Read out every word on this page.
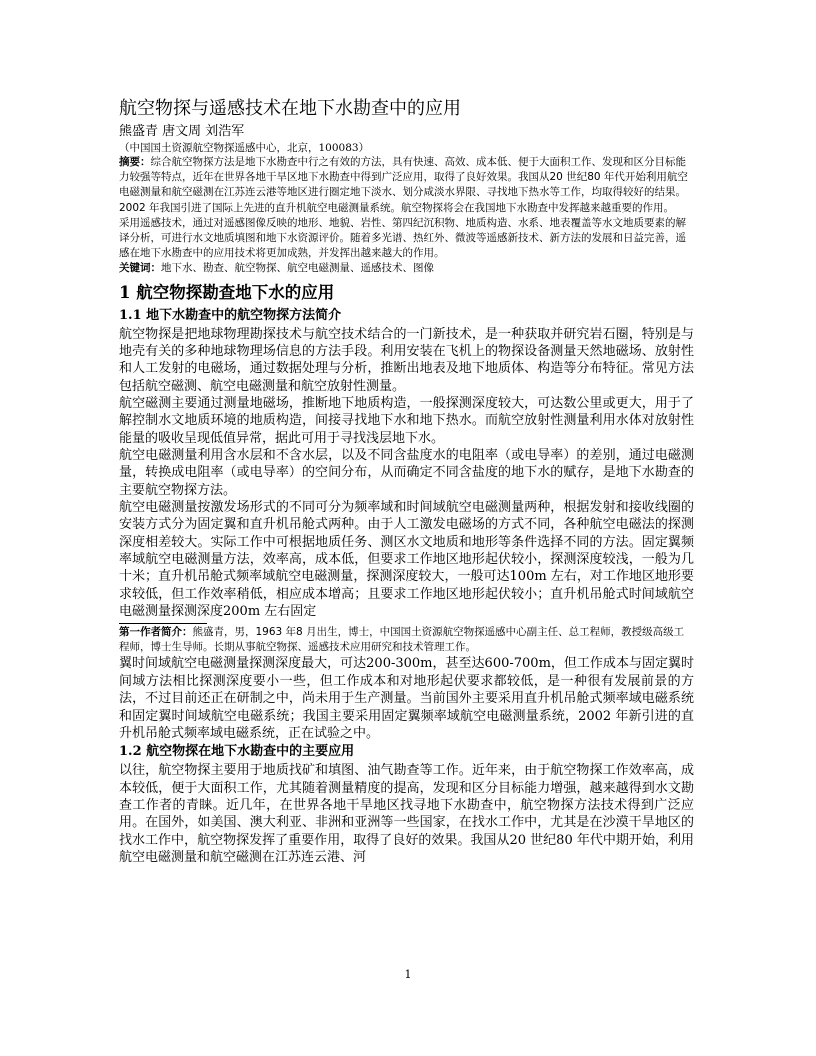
航空物探与遥感技术在地下水勘查中的应用
熊盛青 唐文周 刘浩军
（中国国土资源航空物探遥感中心，北京，100083）

摘要：综合航空物探方法是地下水勘查中行之有效的方法，具有快速、高效、成本低、便于大面积工作、发现和区分目标能力较强等特点，近年在世界各地干旱区地下水勘查中得到广泛应用，取得了良好效果。我国从20 世纪80 年代开始利用航空电磁测量和航空磁测在江苏连云港等地区进行圈定地下淡水、划分咸淡水界限、寻找地下热水等工作，均取得较好的结果。2002 年我国引进了国际上先进的直升机航空电磁测量系统。航空物探将会在我国地下水勘查中发挥越来越重要的作用。

采用遥感技术，通过对遥感图像反映的地形、地貌、岩性、第四纪沉积物、地质构造、水系、地表覆盖等水文地质要素的解译分析，可进行水文地质填图和地下水资源评价。随着多光谱、热红外、微波等遥感新技术、新方法的发展和日益完善，遥感在地下水勘查中的应用技术将更加成熟，并发挥出越来越大的作用。

关键词：地下水、勘查、航空物探、航空电磁测量、遥感技术、图像

1 航空物探勘查地下水的应用
1.1 地下水勘查中的航空物探方法简介

航空物探是把地球物理勘探技术与航空技术结合的一门新技术，是一种获取并研究岩石圈，特别是与地壳有关的多种地球物理场信息的方法手段。利用安装在飞机上的物探设备测量天然地磁场、放射性和人工发射的电磁场，通过数据处理与分析，推断出地表及地下地质体、构造等分布特征。常见方法包括航空磁测、航空电磁测量和航空放射性测量。

航空磁测主要通过测量地磁场，推断地下地质构造，一般探测深度较大，可达数公里或更大，用于了解控制水文地质环境的地质构造，间接寻找地下水和地下热水。而航空放射性测量利用水体对放射性能量的吸收呈现低值异常，据此可用于寻找浅层地下水。

航空电磁测量利用含水层和不含水层，以及不同含盐度水的电阻率（或电导率）的差别，通过电磁测量，转换成电阻率（或电导率）的空间分布，从而确定不同含盐度的地下水的赋存，是地下水勘查的主要航空物探方法。

航空电磁测量按激发场形式的不同可分为频率域和时间域航空电磁测量两种，根据发射和接收线圈的安装方式分为固定翼和直升机吊舱式两种。由于人工激发电磁场的方式不同，各种航空电磁法的探测深度相差较大。实际工作中可根据地质任务、测区水文地质和地形等条件选择不同的方法。固定翼频率域航空电磁测量方法，效率高，成本低，但要求工作地区地形起伏较小，探测深度较浅，一般为几十米；直升机吊舱式频率域航空电磁测量，探测深度较大，一般可达100m 左右，对工作地区地形要求较低，但工作效率稍低，相应成本增高；且要求工作地区地形起伏较小；直升机吊舱式时间域航空电磁测量探测深度200m 左右固定

第一作者简介：熊盛青，男，1963 年8 月出生，博士，中国国土资源航空物探遥感中心副主任、总工程师，教授级高级工程师，博士生导师。长期从事航空物探、遥感技术应用研究和技术管理工作。

翼时间域航空电磁测量探测深度最大，可达200-300m，甚至达600-700m，但工作成本与固定翼时间域方法相比探测深度要小一些，但工作成本和对地形起伏要求都较低，是一种很有发展前景的方法，不过目前还正在研制之中，尚未用于生产测量。当前国外主要采用直升机吊舱式频率域电磁系统和固定翼时间域航空电磁系统；我国主要采用固定翼频率域航空电磁测量系统，2002 年新引进的直升机吊舱式频率域电磁系统，正在试验之中。

1.2 航空物探在地下水勘查中的主要应用

以往，航空物探主要用于地质找矿和填图、油气勘查等工作。近年来，由于航空物探工作效率高，成本较低，便于大面积工作，尤其随着测量精度的提高，发现和区分目标能力增强，越来越得到水文勘查工作者的青睐。近几年，在世界各地干旱地区找寻地下水勘查中，航空物探方法技术得到广泛应用。在国外，如美国、澳大利亚、非洲和亚洲等一些国家，在找水工作中，尤其是在沙漠干旱地区的找水工作中，航空物探发挥了重要作用，取得了良好的效果。我国从20 世纪80 年代中期开始，利用航空电磁测量和航空磁测在江苏连云港、河

1
